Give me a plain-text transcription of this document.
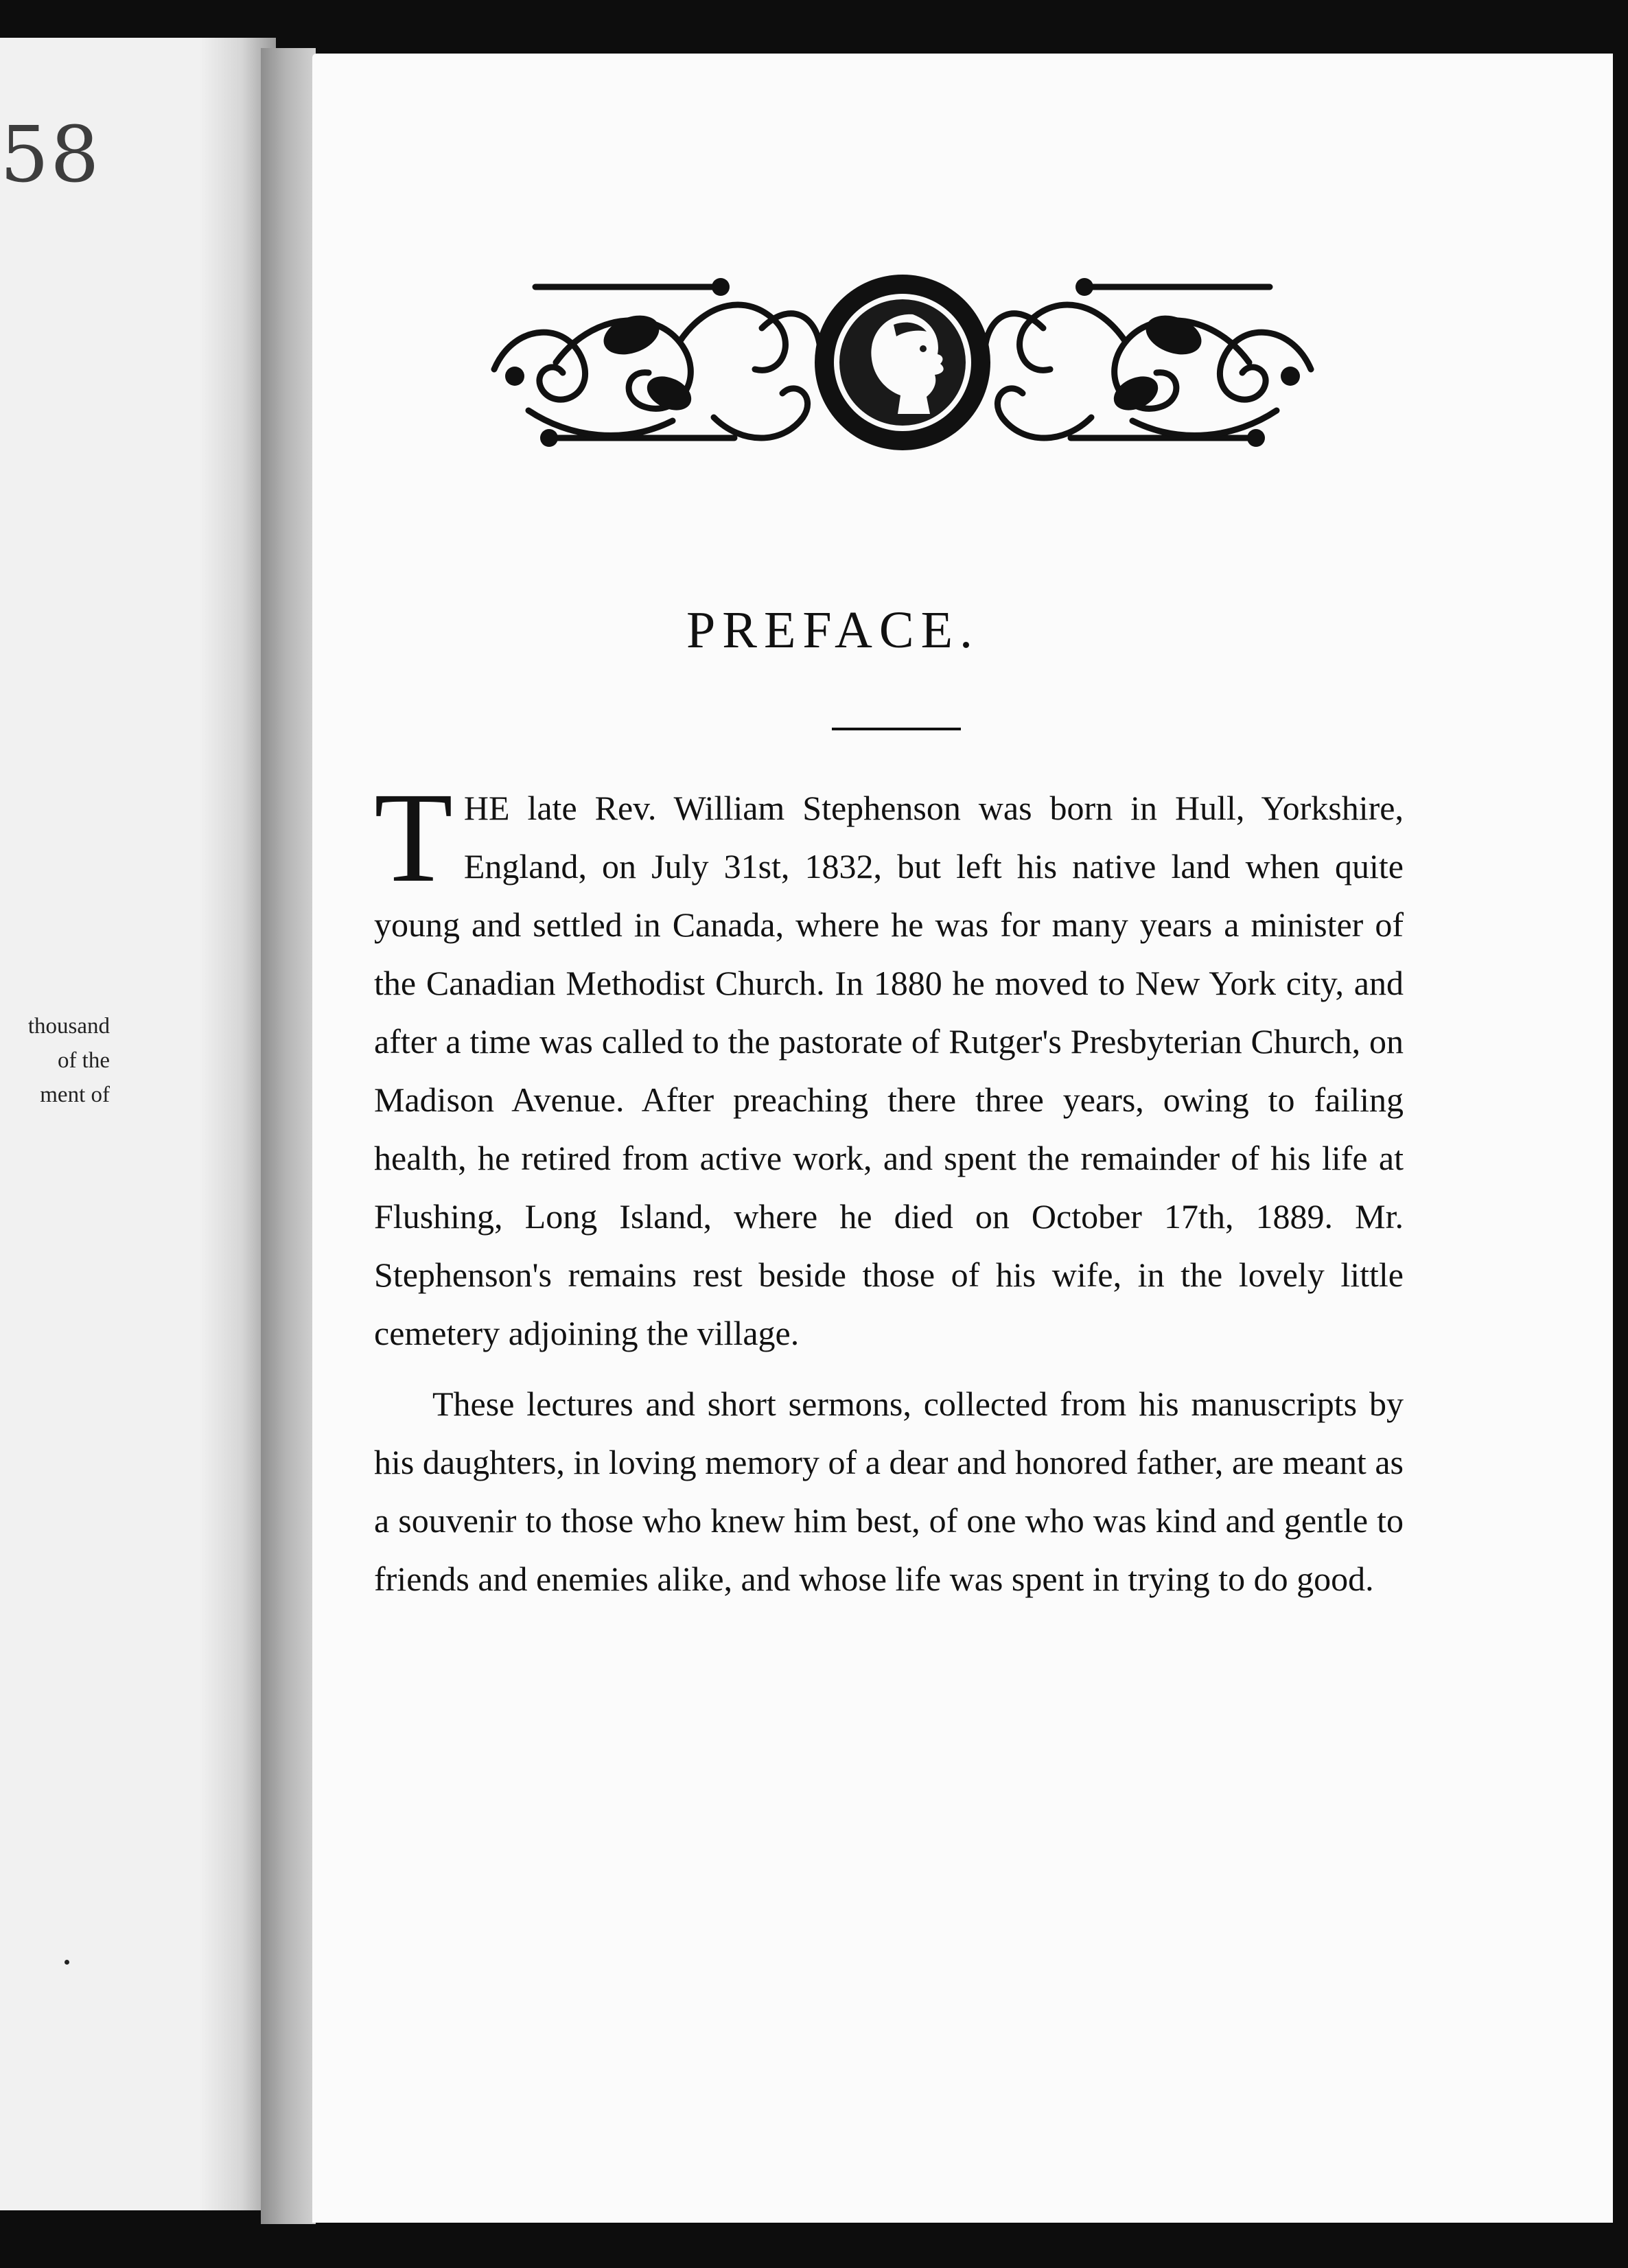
58
thousand
of the
ment of
PREFACE.

THE late Rev. William Stephenson was born in Hull, Yorkshire, England, on July 31st, 1832, but left his native land when quite young and settled in Canada, where he was for many years a minister of the Canadian Methodist Church. In 1880 he moved to New York city, and after a time was called to the pastorate of Rutger's Presbyterian Church, on Madison Avenue. After preaching there three years, owing to failing health, he retired from active work, and spent the remainder of his life at Flushing, Long Island, where he died on October 17th, 1889. Mr. Stephenson's remains rest beside those of his wife, in the lovely little cemetery adjoining the village.

These lectures and short sermons, collected from his manuscripts by his daughters, in loving memory of a dear and honored father, are meant as a souvenir to those who knew him best, of one who was kind and gentle to friends and enemies alike, and whose life was spent in trying to do good.
